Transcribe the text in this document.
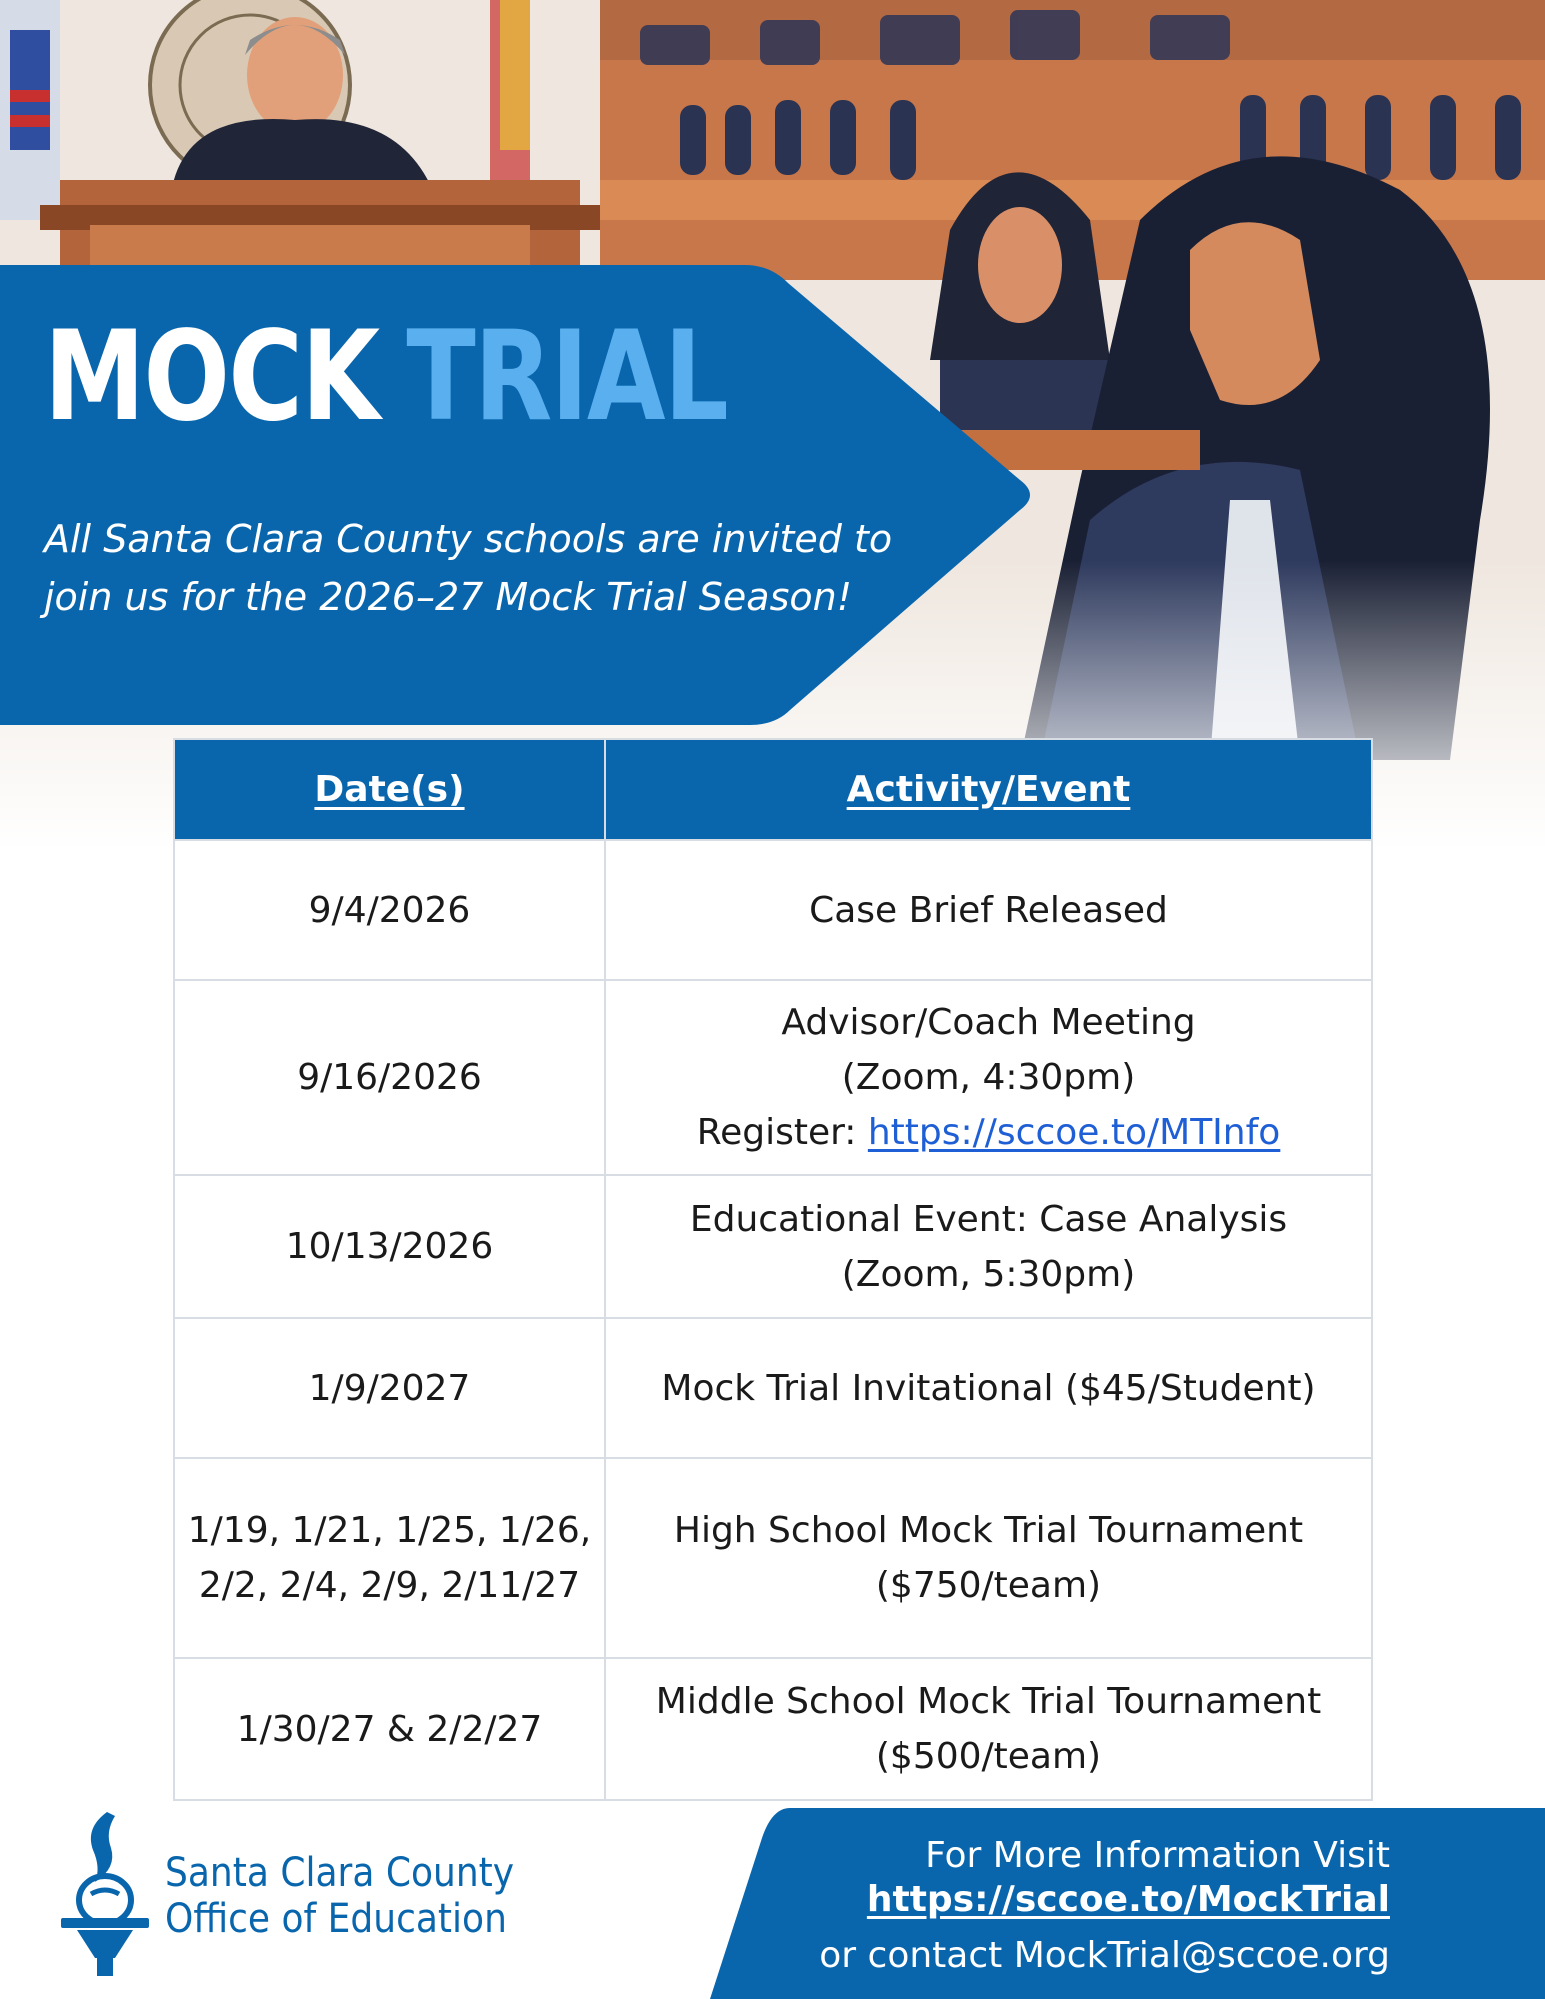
MOCK TRIAL

All Santa Clara County schools are invited to join us for the 2026–27 Mock Trial Season!

Date(s)	Activity/Event

9/4/2026	Case Brief Released

9/16/2026	Advisor/Coach Meeting
(Zoom, 4:30pm)
Register: https://sccoe.to/MTInfo

10/13/2026	Educational Event: Case Analysis
(Zoom, 5:30pm)

1/9/2027	Mock Trial Invitational ($45/Student)

1/19, 1/21, 1/25, 1/26,
2/2, 2/4, 2/9, 2/11/27	High School Mock Trial Tournament
($750/team)

1/30/27 & 2/2/27	Middle School Mock Trial Tournament
($500/team)
Santa Clara County
Office of Education
For More Information Visit
https://sccoe.to/MockTrial
or contact MockTrial@sccoe.org
